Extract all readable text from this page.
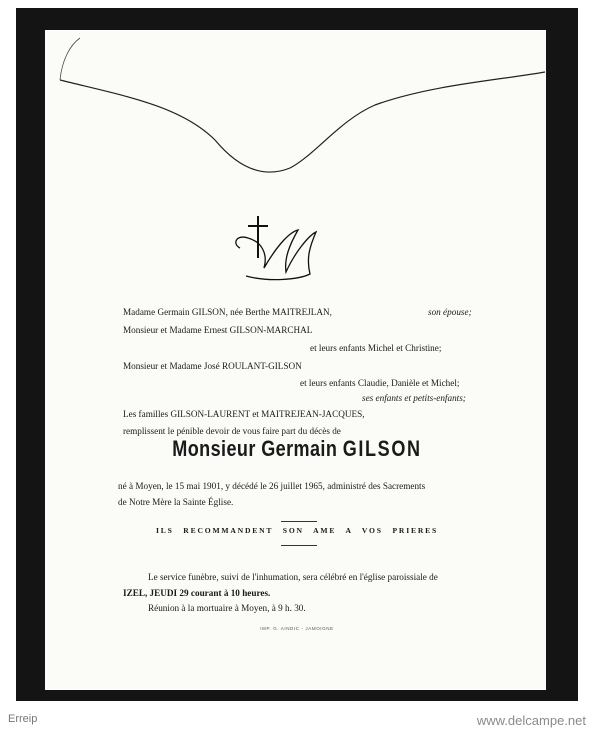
Madame Germain GILSON, née Berthe MAITREJLAN,	son épouse;
Monsieur et Madame Ernest GILSON-MARCHAL
et leurs enfants Michel et Christine;
Monsieur et Madame José ROULANT-GILSON
et leurs enfants Claudie, Danièle et Michel;
ses enfants et petits-enfants;
Les familles GILSON-LAURENT et MAITREJEAN-JACQUES,
remplissent le pénible devoir de vous faire part du décès de
Monsieur Germain GILSON
né à Moyen, le 15 mai 1901, y décédé le 26 juillet 1965, administré des Sacrements
de Notre Mère la Sainte Église.
ILS RECOMMANDENT SON AME A VOS PRIERES
Le service funèbre, suivi de l'inhumation, sera célébré en l'église paroissiale de
IZEL, JEUDI 29 courant à 10 heures.
Réunion à la mortuaire à Moyen, à 9 h. 30.
IMP. G. AINDIC - JAMOIGNE
Erreip	www.delcampe.net
